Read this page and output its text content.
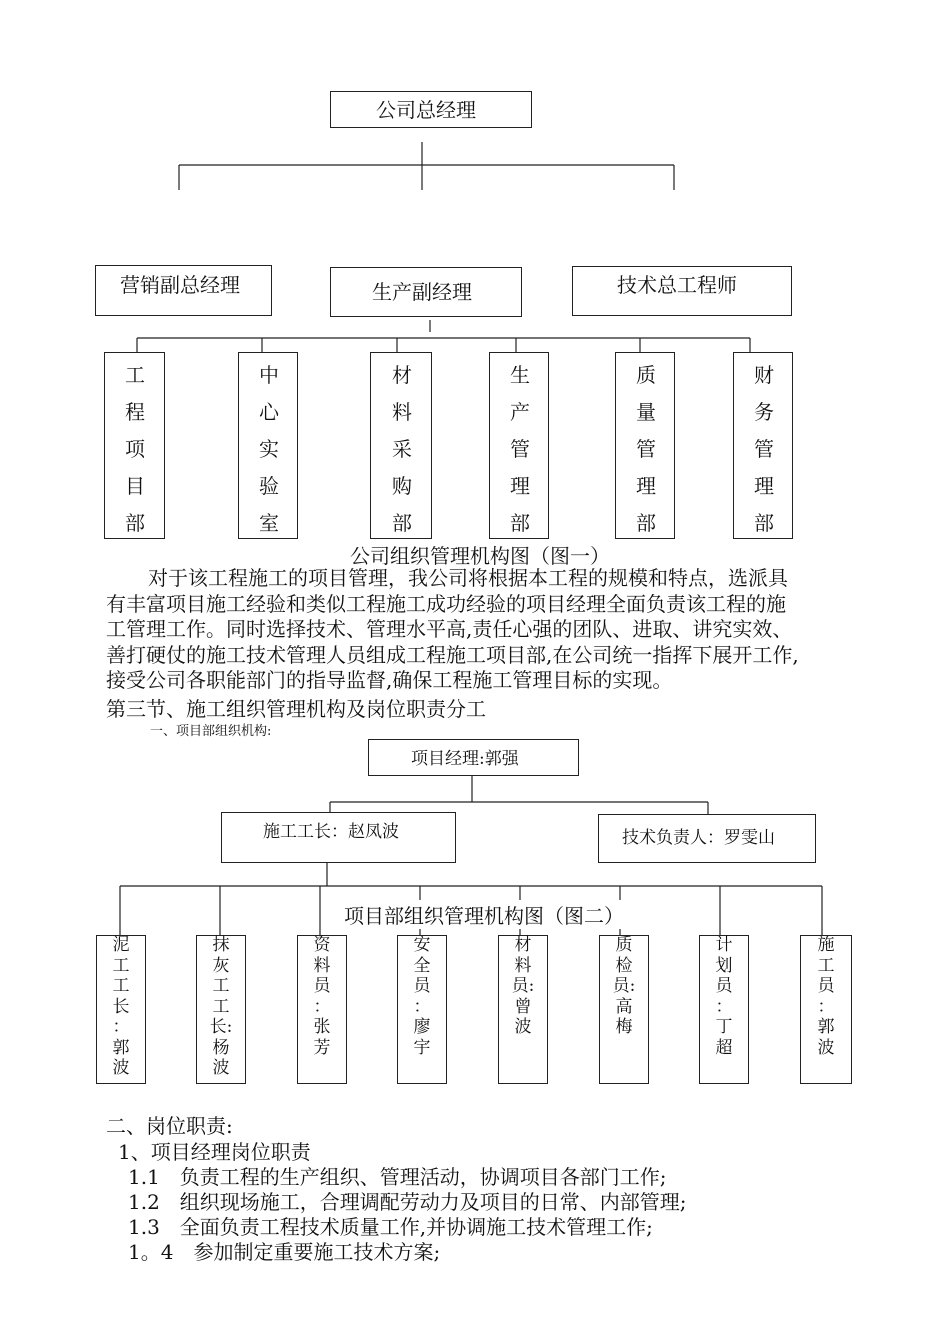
公司总经理
营销副总经理	生产副经理	技术总工程师
工程项目部
中心实验室
材料采购部
生产管理部
质量管理部
财务管理部
公司组织管理机构图（图一）
对于该工程施工的项目管理，我公司将根据本工程的规模和特点，选派具
有丰富项目施工经验和类似工程施工成功经验的项目经理全面负责该工程的施
工管理工作。同时选择技术、管理水平高,责任心强的团队、进取、讲究实效、
善打硬仗的施工技术管理人员组成工程施工项目部,在公司统一指挥下展开工作,
接受公司各职能部门的指导监督,确保工程施工管理目标的实现。
第三节、施工组织管理机构及岗位职责分工
一、项目部组织机构:
项目经理:郭强
施工工长：赵凤波	技术负责人：罗雯山
项目部组织管理机构图（图二）
泥
工
工
长
：
郭
波
抹
灰
工
工
长:
杨
波
资
料
员
：
张
芳
安
全
员
：
廖
宇
材
料
员:
曾
波
质
检
员:
高
梅
计
划
员
：
丁
超
施
工
员
：
郭
波
二、岗位职责:
1、项目经理岗位职责
1.1　负责工程的生产组织、管理活动，协调项目各部门工作;
1.2　组织现场施工，合理调配劳动力及项目的日常、内部管理;
1.3　全面负责工程技术质量工作,并协调施工技术管理工作;
1。4　参加制定重要施工技术方案;
